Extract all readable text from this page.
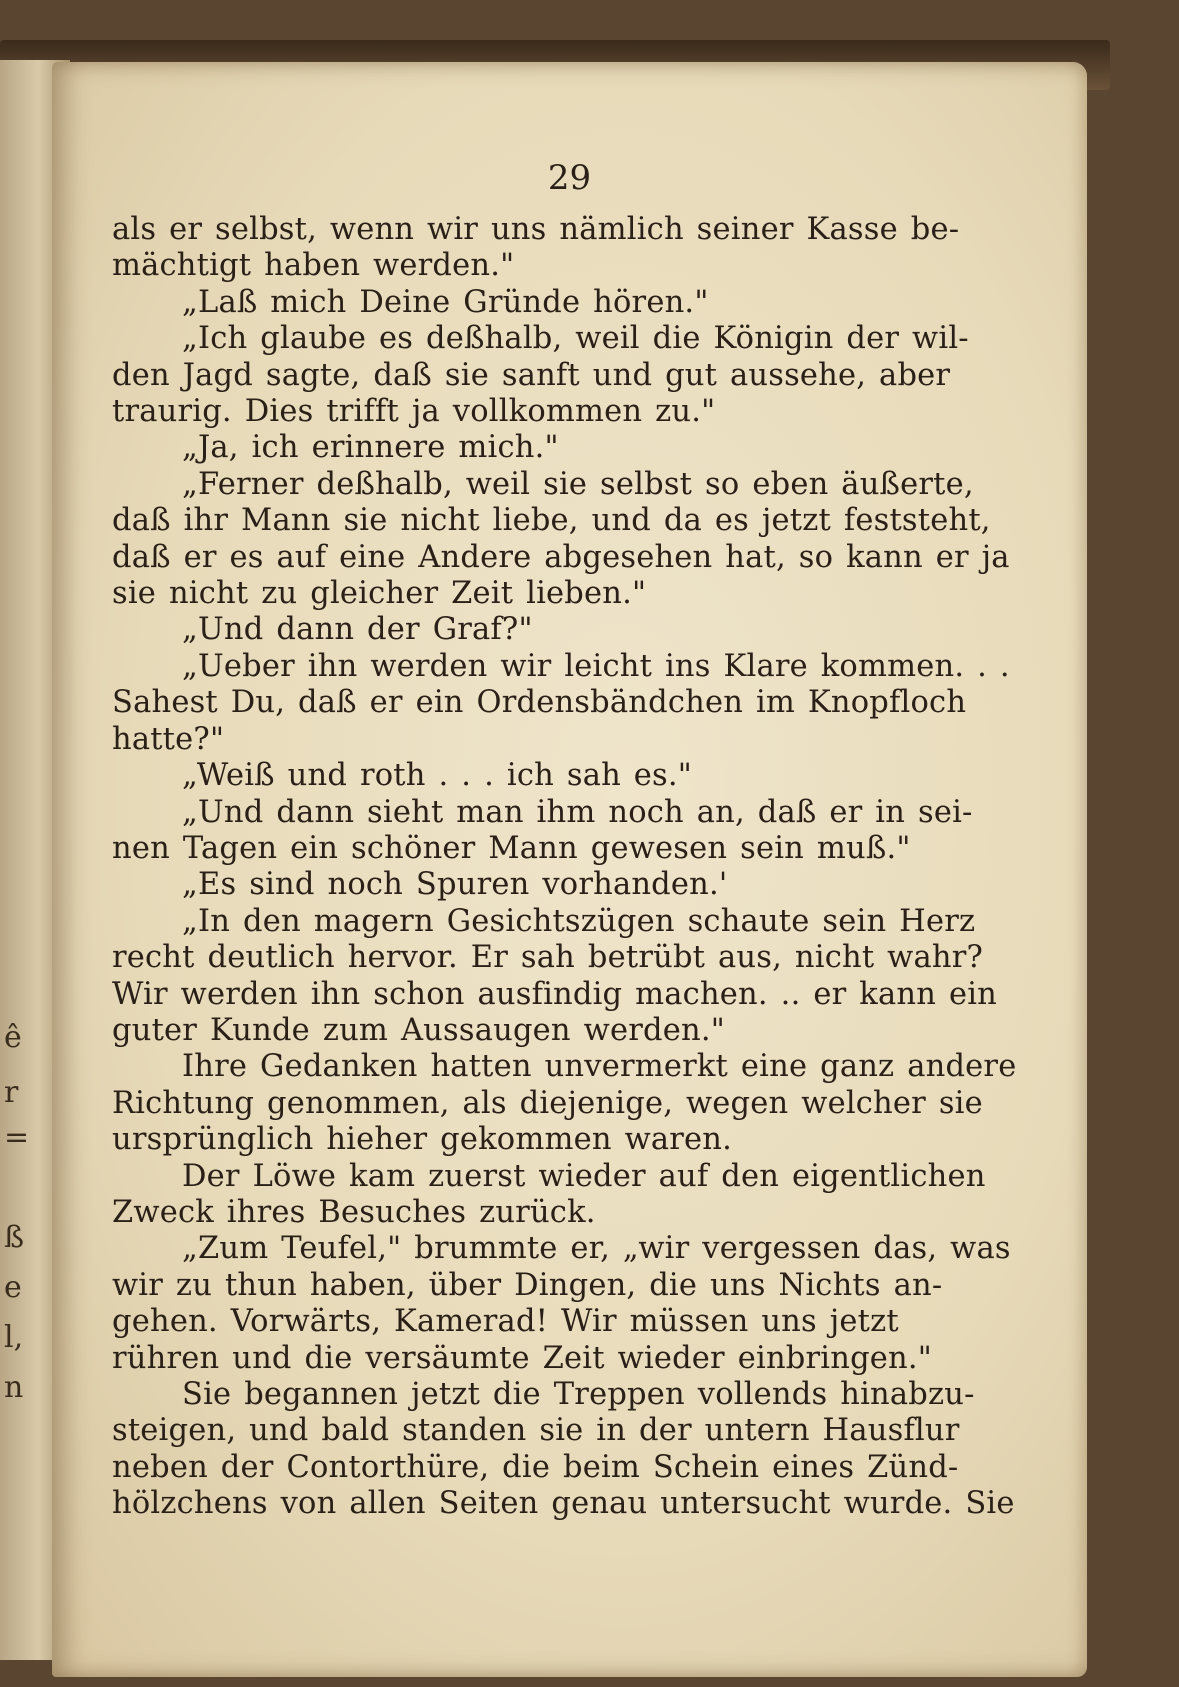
ß
e
l,
n
r
ê
=
29
als er selbst, wenn wir uns nämlich seiner Kasse be-
mächtigt haben werden."
„Laß mich Deine Gründe hören."
„Ich glaube es deßhalb, weil die Königin der wil-
den Jagd sagte, daß sie sanft und gut aussehe, aber
traurig. Dies trifft ja vollkommen zu."
„Ja, ich erinnere mich."
„Ferner deßhalb, weil sie selbst so eben äußerte,
daß ihr Mann sie nicht liebe, und da es jetzt feststeht,
daß er es auf eine Andere abgesehen hat, so kann er ja
sie nicht zu gleicher Zeit lieben."
„Und dann der Graf?"
„Ueber ihn werden wir leicht ins Klare kommen. . .
Sahest Du, daß er ein Ordensbändchen im Knopfloch
hatte?"
„Weiß und roth . . . ich sah es."
„Und dann sieht man ihm noch an, daß er in sei-
nen Tagen ein schöner Mann gewesen sein muß."
„Es sind noch Spuren vorhanden.'
„In den magern Gesichtszügen schaute sein Herz
recht deutlich hervor. Er sah betrübt aus, nicht wahr?
Wir werden ihn schon ausfindig machen. .. er kann ein
guter Kunde zum Aussaugen werden."
Ihre Gedanken hatten unvermerkt eine ganz andere
Richtung genommen, als diejenige, wegen welcher sie
ursprünglich hieher gekommen waren.
Der Löwe kam zuerst wieder auf den eigentlichen
Zweck ihres Besuches zurück.
„Zum Teufel," brummte er, „wir vergessen das, was
wir zu thun haben, über Dingen, die uns Nichts an-
gehen. Vorwärts, Kamerad! Wir müssen uns jetzt
rühren und die versäumte Zeit wieder einbringen."
Sie begannen jetzt die Treppen vollends hinabzu-
steigen, und bald standen sie in der untern Hausflur
neben der Contorthüre, die beim Schein eines Zünd-
hölzchens von allen Seiten genau untersucht wurde. Sie
